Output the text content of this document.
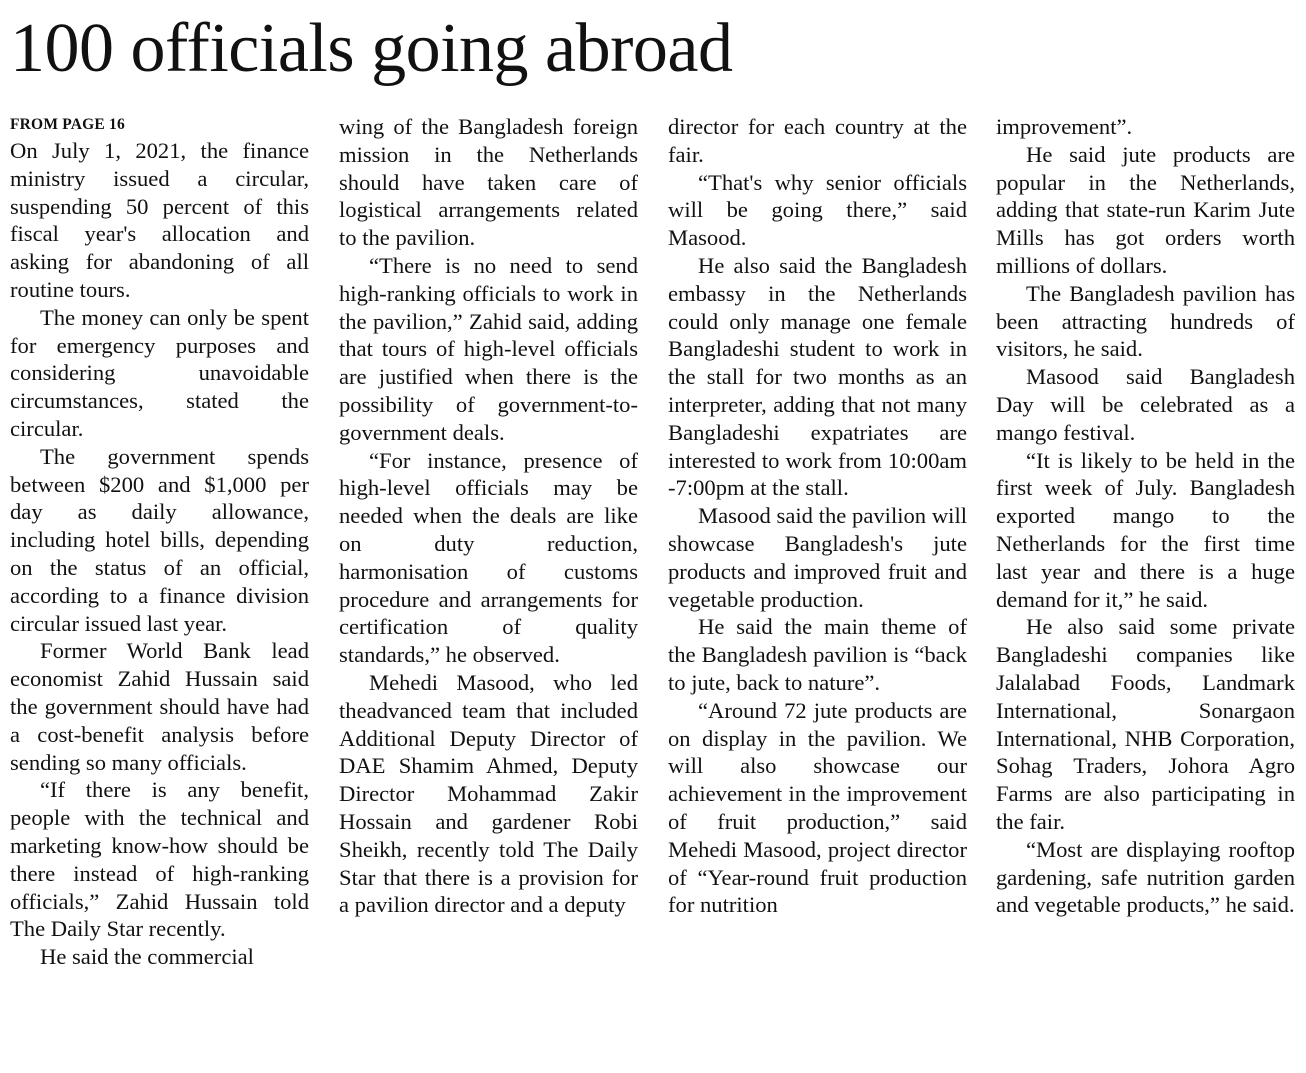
100 officials going abroad
FROM PAGE 16

On July 1, 2021, the finance ministry issued a circular, suspending 50 percent of this fiscal year's allocation and asking for abandoning of all routine tours.

The money can only be spent for emergency purposes and considering unavoidable circumstances, stated the circular.

The government spends between $200 and $1,000 per day as daily allowance, including hotel bills, depending on the status of an official, according to a finance division circular issued last year.

Former World Bank lead economist Zahid Hussain said the government should have had a cost-benefit analysis before sending so many officials.

“If there is any benefit, people with the technical and marketing know-how should be there instead of high-ranking officials,” Zahid Hussain told The Daily Star recently.

He said the commercial

wing of the Bangladesh foreign mission in the Netherlands should have taken care of logistical arrangements related to the pavilion.

“There is no need to send high-ranking officials to work in the pavilion,” Zahid said, adding that tours of high-level officials are justified when there is the possibility of government-to-government deals.

“For instance, presence of high-level officials may be needed when the deals are like on duty reduction, harmonisation of customs procedure and arrangements for certification of quality standards,” he observed.

Mehedi Masood, who led theadvanced team that included Additional Deputy Director of DAE Shamim Ahmed, Deputy Director Mohammad Zakir Hossain and gardener Robi Sheikh, recently told The Daily Star that there is a provision for a pavilion director and a deputy

director for each country at the fair.

“That's why senior officials will be going there,” said Masood.

He also said the Bangladesh embassy in the Netherlands could only manage one female Bangladeshi student to work in the stall for two months as an interpreter, adding that not many Bangladeshi expatriates are interested to work from 10:00am -7:00pm at the stall.

Masood said the pavilion will showcase Bangladesh's jute products and improved fruit and vegetable production.

He said the main theme of the Bangladesh pavilion is “back to jute, back to nature”.

“Around 72 jute products are on display in the pavilion. We will also showcase our achievement in the improvement of fruit production,” said Mehedi Masood, project director of “Year-round fruit production for nutrition

improvement”.

He said jute products are popular in the Netherlands, adding that state-run Karim Jute Mills has got orders worth millions of dollars.

The Bangladesh pavilion has been attracting hundreds of visitors, he said.

Masood said Bangladesh Day will be celebrated as a mango festival.

“It is likely to be held in the first week of July. Bangladesh exported mango to the Netherlands for the first time last year and there is a huge demand for it,” he said.

He also said some private Bangladeshi companies like Jalalabad Foods, Landmark International, Sonargaon International, NHB Corporation, Sohag Traders, Johora Agro Farms are also participating in the fair.

“Most are displaying rooftop gardening, safe nutrition garden and vegetable products,” he said.
